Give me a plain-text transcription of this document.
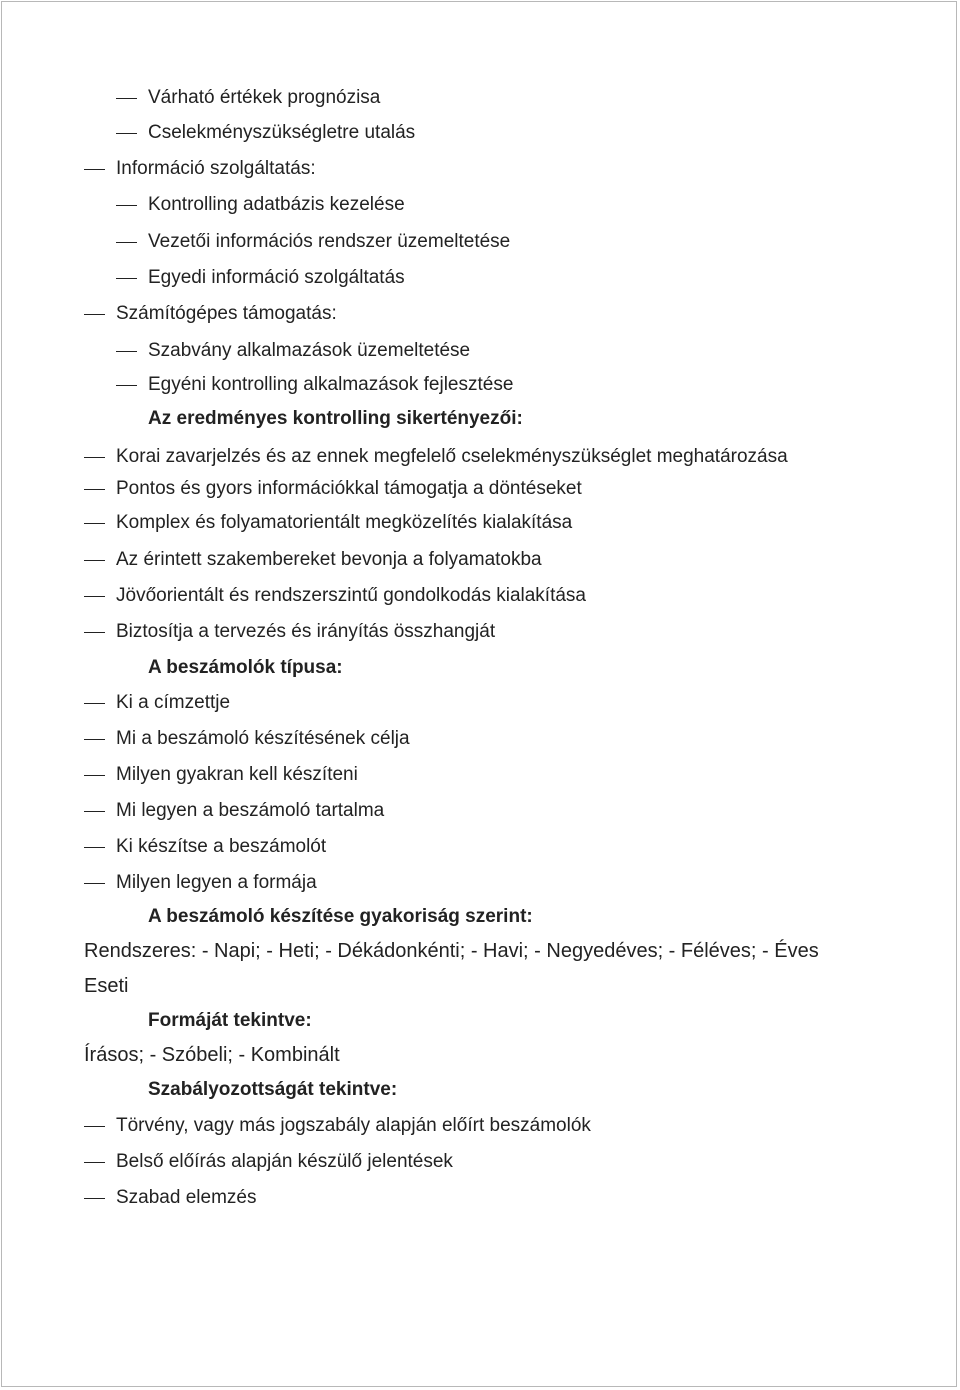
Várható értékek prognózisa
Cselekményszükségletre utalás
Információ szolgáltatás:
Kontrolling adatbázis kezelése
Vezetői információs rendszer üzemeltetése
Egyedi információ szolgáltatás
Számítógépes támogatás:
Szabvány alkalmazások üzemeltetése
Egyéni kontrolling alkalmazások fejlesztése
Az eredményes kontrolling sikertényezői:
Korai zavarjelzés és az ennek megfelelő cselekményszükséglet meghatározása
Pontos és gyors információkkal támogatja a döntéseket
Komplex és folyamatorientált megközelítés kialakítása
Az érintett szakembereket bevonja a folyamatokba
Jövőorientált és rendszerszintű gondolkodás kialakítása
Biztosítja a tervezés és irányítás összhangját
A beszámolók típusa:
Ki a címzettje
Mi a beszámoló készítésének célja
Milyen gyakran kell készíteni
Mi legyen a beszámoló tartalma
Ki készítse a beszámolót
Milyen legyen a formája
A beszámoló készítése gyakoriság szerint:
Rendszeres: - Napi; - Heti; - Dékádonkénti; - Havi; - Negyedéves; - Féléves; - Éves
Eseti
Formáját tekintve:
Írásos; - Szóbeli; - Kombinált
Szabályozottságát tekintve:
Törvény, vagy más jogszabály alapján előírt beszámolók
Belső előírás alapján készülő jelentések
Szabad elemzés
